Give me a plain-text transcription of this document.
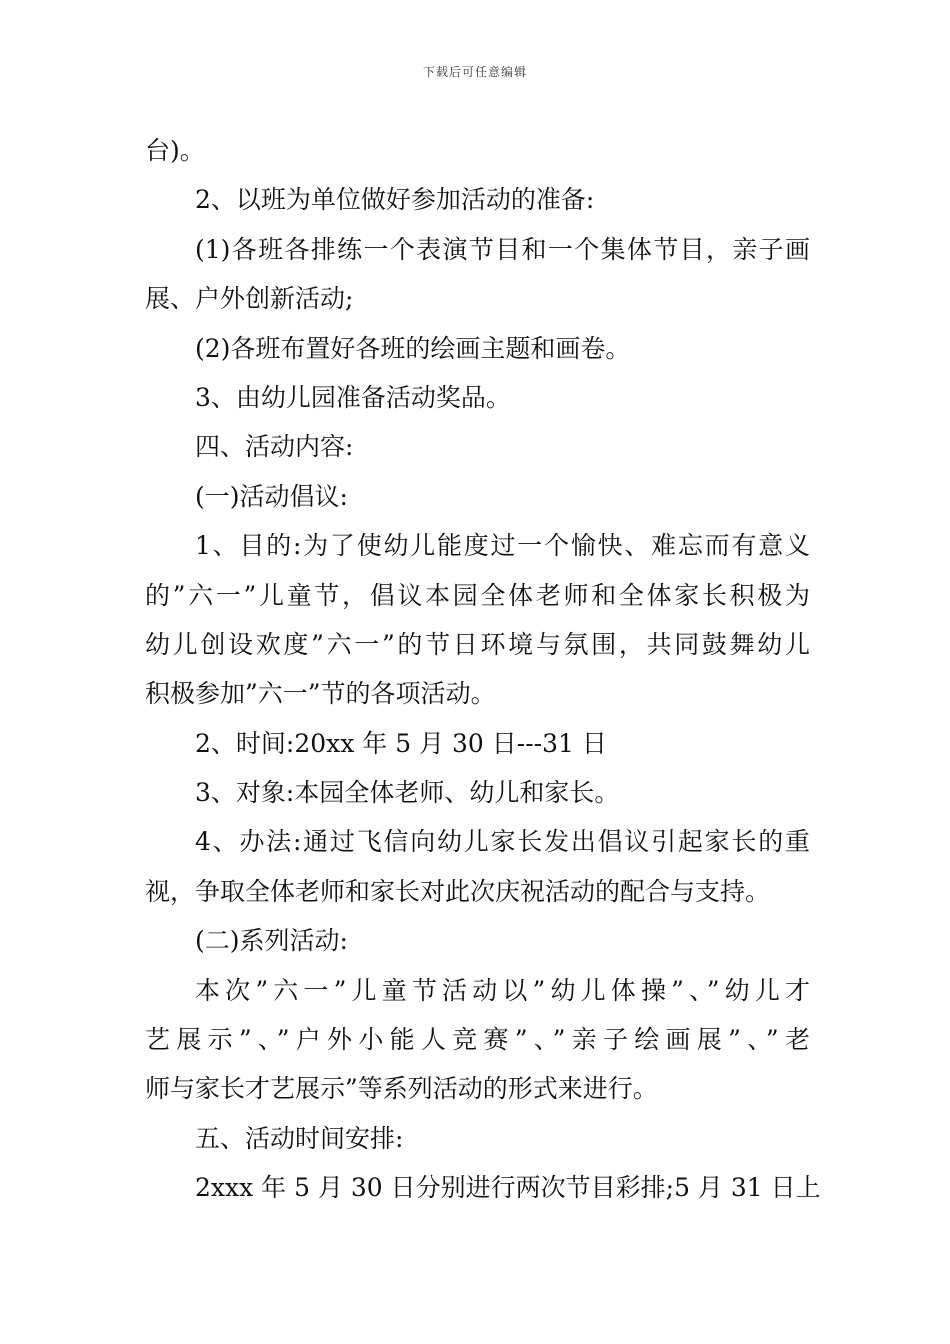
下载后可任意编辑
台)。
2、以班为单位做好参加活动的准备:
(1)各班各排练一个表演节目和一个集体节目，亲子画
展、户外创新活动;
(2)各班布置好各班的绘画主题和画卷。
3、由幼儿园准备活动奖品。
四、活动内容:
(一)活动倡议:
1、目的:为了使幼儿能度过一个愉快、难忘而有意义
的”六一”儿童节，倡议本园全体老师和全体家长积极为
幼儿创设欢度”六一”的节日环境与氛围，共同鼓舞幼儿
积极参加”六一”节的各项活动。
2、时间:20xx 年 5 月 30 日---31 日
3、对象:本园全体老师、幼儿和家长。
4、办法:通过飞信向幼儿家长发出倡议引起家长的重
视，争取全体老师和家长对此次庆祝活动的配合与支持。
(二)系列活动:
本次”六一”儿童节活动以”幼儿体操”、”幼儿才
艺展示”、”户外小能人竞赛”、”亲子绘画展”、”老
师与家长才艺展示”等系列活动的形式来进行。
五、活动时间安排:
2xxx 年 5 月 30 日分别进行两次节目彩排;5 月 31 日上
